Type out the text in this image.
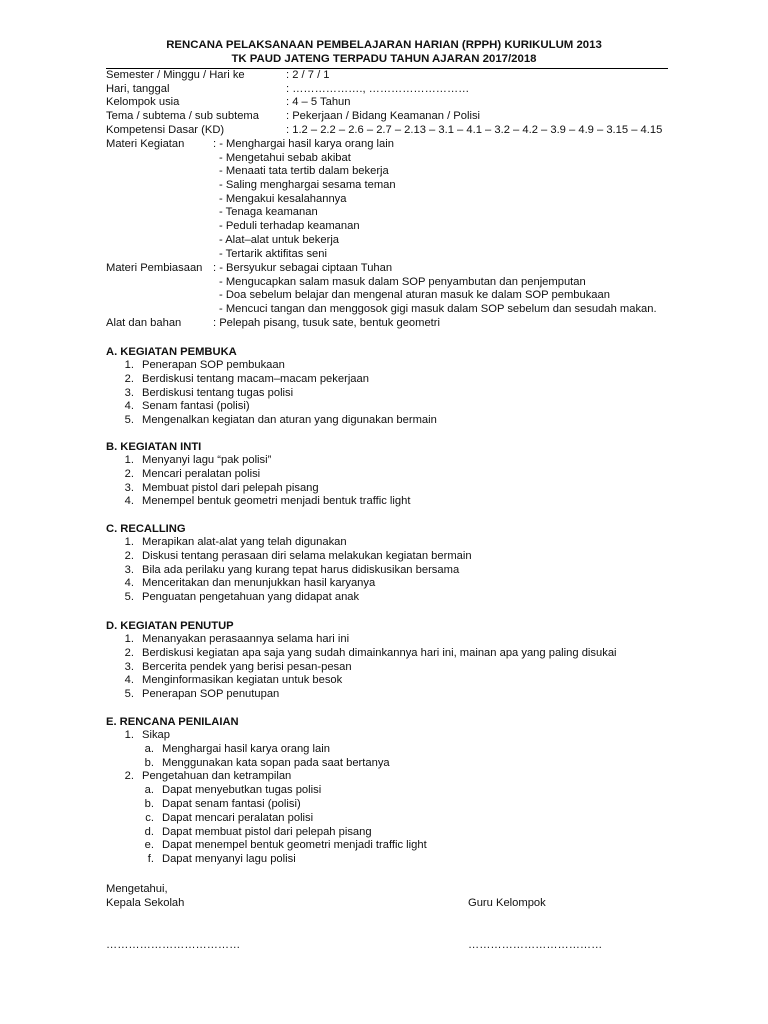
RENCANA PELAKSANAAN PEMBELAJARAN HARIAN (RPPH) KURIKULUM 2013
TK PAUD JATENG TERPADU TAHUN AJARAN 2017/2018
Semester / Minggu / Hari ke	: 2 / 7 / 1
Hari, tanggal	: ………………., ………………………
Kelompok usia	: 4 – 5 Tahun
Tema / subtema / sub subtema : Pekerjaan / Bidang Keamanan / Polisi
Kompetensi Dasar (KD)	: 1.2 – 2.2 – 2.6 – 2.7 – 2.13 – 3.1 – 4.1 – 3.2 – 4.2 – 3.9 – 4.9 – 3.15 – 4.15
Materi Kegiatan	: - Menghargai hasil karya orang lain
- Mengetahui sebab akibat
- Menaati tata tertib dalam bekerja
- Saling menghargai sesama teman
- Mengakui kesalahannya
- Tenaga keamanan
- Peduli terhadap keamanan
- Alat–alat untuk bekerja
- Tertarik aktifitas seni
Materi Pembiasaan : - Bersyukur sebagai ciptaan Tuhan
- Mengucapkan salam masuk dalam SOP penyambutan dan penjemputan
- Doa sebelum belajar dan mengenal aturan masuk ke dalam SOP pembukaan
- Mencuci tangan dan menggosok gigi masuk dalam SOP sebelum dan sesudah makan.
Alat dan bahan	: Pelepah pisang, tusuk sate, bentuk geometri
A. KEGIATAN PEMBUKA
1. Penerapan SOP pembukaan
2. Berdiskusi tentang macam–macam pekerjaan
3. Berdiskusi tentang tugas polisi
4. Senam fantasi (polisi)
5. Mengenalkan kegiatan dan aturan yang digunakan bermain
B. KEGIATAN INTI
1. Menyanyi lagu “pak polisi”
2. Mencari peralatan polisi
3. Membuat pistol dari pelepah pisang
4. Menempel bentuk geometri menjadi bentuk traffic light
C. RECALLING
1. Merapikan alat-alat yang telah digunakan
2. Diskusi tentang perasaan diri selama melakukan kegiatan bermain
3. Bila ada perilaku yang kurang tepat harus didiskusikan bersama
4. Menceritakan dan menunjukkan hasil karyanya
5. Penguatan pengetahuan yang didapat anak
D. KEGIATAN PENUTUP
1. Menanyakan perasaannya selama hari ini
2. Berdiskusi kegiatan apa saja yang sudah dimainkannya hari ini, mainan apa yang paling disukai
3. Bercerita pendek yang berisi pesan-pesan
4. Menginformasikan kegiatan untuk besok
5. Penerapan SOP penutupan
E. RENCANA PENILAIAN
1. Sikap
a. Menghargai hasil karya orang lain
b. Menggunakan kata sopan pada saat bertanya
2. Pengetahuan dan ketrampilan
a. Dapat menyebutkan tugas polisi
b. Dapat senam fantasi (polisi)
c. Dapat mencari peralatan polisi
d. Dapat membuat pistol dari pelepah pisang
e. Dapat menempel bentuk geometri menjadi traffic light
f. Dapat menyanyi lagu polisi
Mengetahui,
Kepala Sekolah	Guru Kelompok
………………………………	………………………………
